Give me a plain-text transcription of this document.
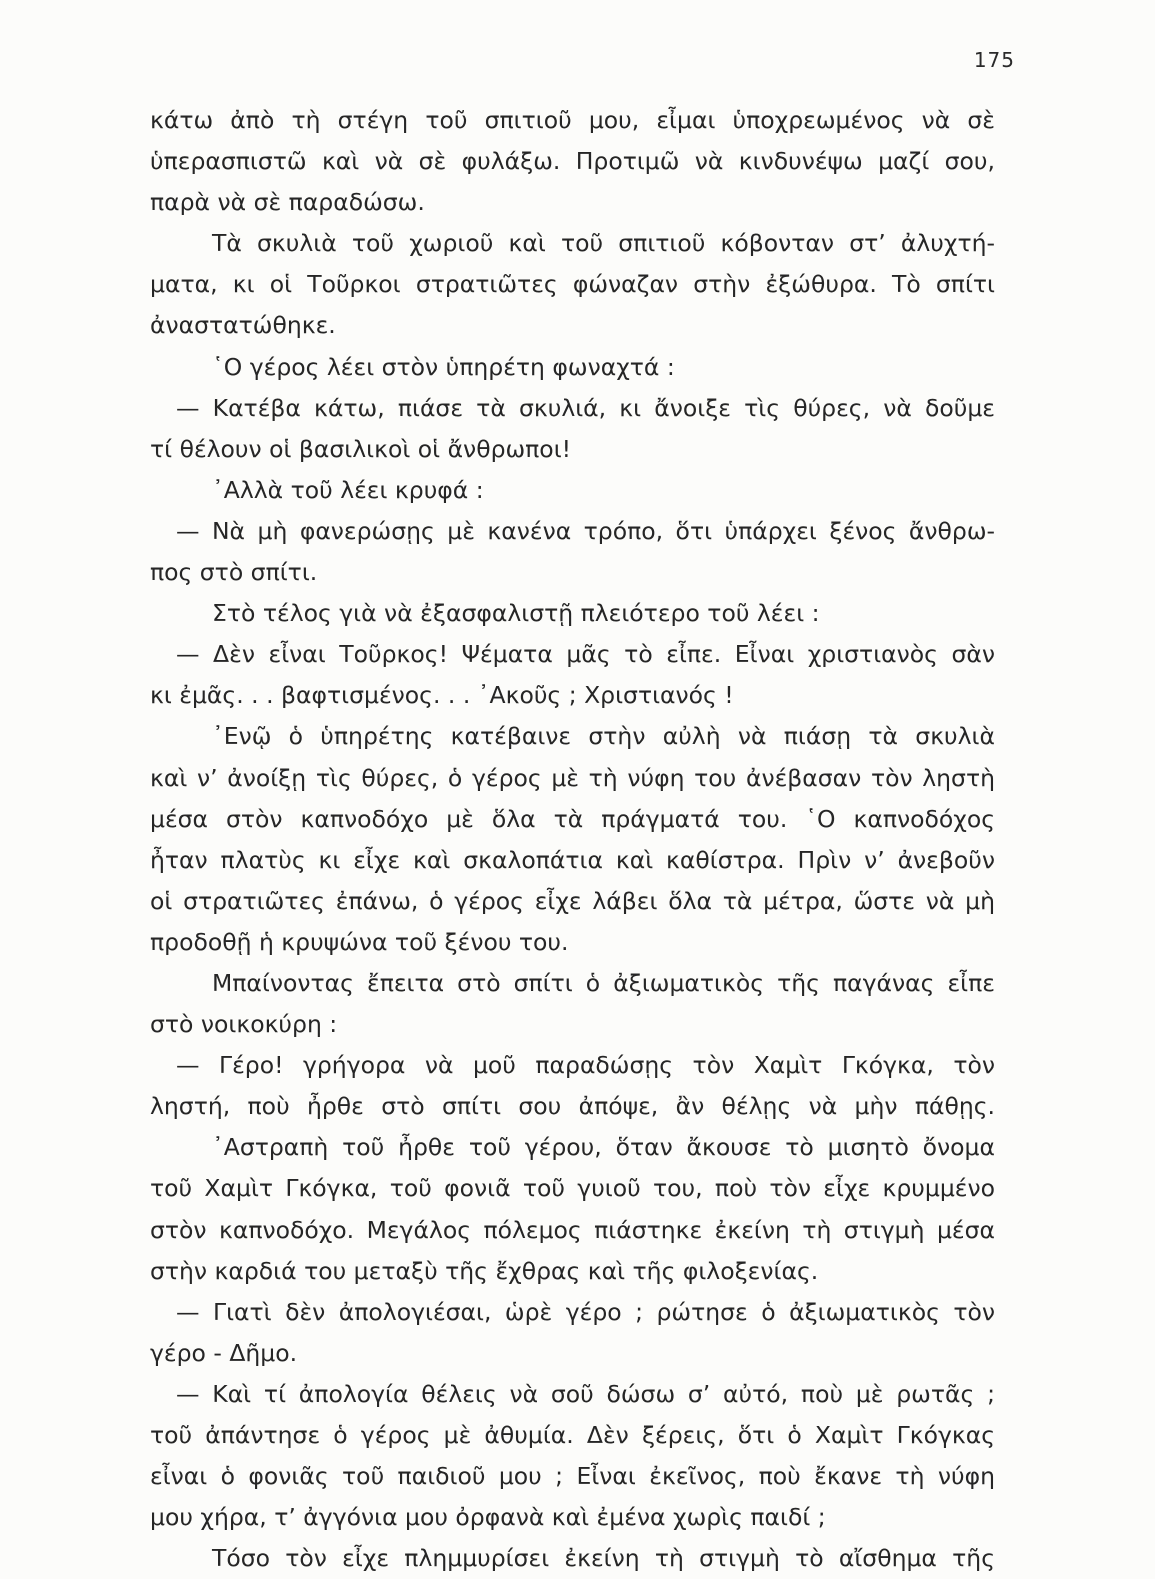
175
κάτω ἀπὸ τὴ στέγη τοῦ σπιτιοῦ μου, εἶμαι ὑποχρεωμένος νὰ σὲ
ὑπερασπιστῶ καὶ νὰ σὲ φυλάξω. Προτιμῶ νὰ κινδυνέψω μαζί σου,
παρὰ νὰ σὲ παραδώσω.
Τὰ σκυλιὰ τοῦ χωριοῦ καὶ τοῦ σπιτιοῦ κόβονταν στ’ ἀλυχτή-
ματα, κι οἱ Τοῦρκοι στρατιῶτες φώναζαν στὴν ἐξώθυρα. Τὸ σπίτι
ἀναστατώθηκε.
῾Ο γέρος λέει στὸν ὑπηρέτη φωναχτά :
— Κατέβα κάτω, πιάσε τὰ σκυλιά, κι ἄνοιξε τὶς θύρες, νὰ δοῦμε
τί θέλουν οἱ βασιλικοὶ οἱ ἄνθρωποι!
᾿Αλλὰ τοῦ λέει κρυφά :
— Νὰ μὴ φανερώσῃς μὲ κανένα τρόπο, ὅτι ὑπάρχει ξένος ἄνθρω-
πος στὸ σπίτι.
Στὸ τέλος γιὰ νὰ ἐξασφαλιστῇ πλειότερο τοῦ λέει :
— Δὲν εἶναι Τοῦρκος! Ψέματα μᾶς τὸ εἶπε. Εἶναι χριστιανὸς σὰν
κι ἐμᾶς. . . βαφτισμένος. . . ᾿Ακοῦς ; Χριστιανός !
᾿Ενῷ ὁ ὑπηρέτης κατέβαινε στὴν αὐλὴ νὰ πιάσῃ τὰ σκυλιὰ
καὶ ν’ ἀνοίξῃ τὶς θύρες, ὁ γέρος μὲ τὴ νύφη του ἀνέβασαν τὸν ληστὴ
μέσα στὸν καπνοδόχο μὲ ὅλα τὰ πράγματά του. ῾Ο καπνοδόχος
ἦταν πλατὺς κι εἶχε καὶ σκαλοπάτια καὶ καθίστρα. Πρὶν ν’ ἀνεβοῦν
οἱ στρατιῶτες ἐπάνω, ὁ γέρος εἶχε λάβει ὅλα τὰ μέτρα, ὥστε νὰ μὴ
προδοθῇ ἡ κρυψώνα τοῦ ξένου του.
Μπαίνοντας ἔπειτα στὸ σπίτι ὁ ἀξιωματικὸς τῆς παγάνας εἶπε
στὸ νοικοκύρη :
— Γέρο! γρήγορα νὰ μοῦ παραδώσῃς τὸν Χαμὶτ Γκόγκα, τὸν
ληστή, ποὺ ἦρθε στὸ σπίτι σου ἀπόψε, ἂν θέλῃς νὰ μὴν πάθῃς.
᾿Αστραπὴ τοῦ ἦρθε τοῦ γέρου, ὅταν ἄκουσε τὸ μισητὸ ὄνομα
τοῦ Χαμὶτ Γκόγκα, τοῦ φονιᾶ τοῦ γυιοῦ του, ποὺ τὸν εἶχε κρυμμένο
στὸν καπνοδόχο. Μεγάλος πόλεμος πιάστηκε ἐκείνη τὴ στιγμὴ μέσα
στὴν καρδιά του μεταξὺ τῆς ἔχθρας καὶ τῆς φιλοξενίας.
— Γιατὶ δὲν ἀπολογιέσαι, ὡρὲ γέρο ; ρώτησε ὁ ἀξιωματικὸς τὸν
γέρο - Δῆμο.
— Καὶ τί ἀπολογία θέλεις νὰ σοῦ δώσω σ’ αὐτό, ποὺ μὲ ρωτᾶς ;
τοῦ ἀπάντησε ὁ γέρος μὲ ἀθυμία. Δὲν ξέρεις, ὅτι ὁ Χαμὶτ Γκόγκας
εἶναι ὁ φονιᾶς τοῦ παιδιοῦ μου ; Εἶναι ἐκεῖνος, ποὺ ἔκανε τὴ νύφη
μου χήρα, τ’ ἀγγόνια μου ὀρφανὰ καὶ ἐμένα χωρὶς παιδί ;
Τόσο τὸν εἶχε πλημμυρίσει ἐκείνη τὴ στιγμὴ τὸ αἴσθημα τῆς
